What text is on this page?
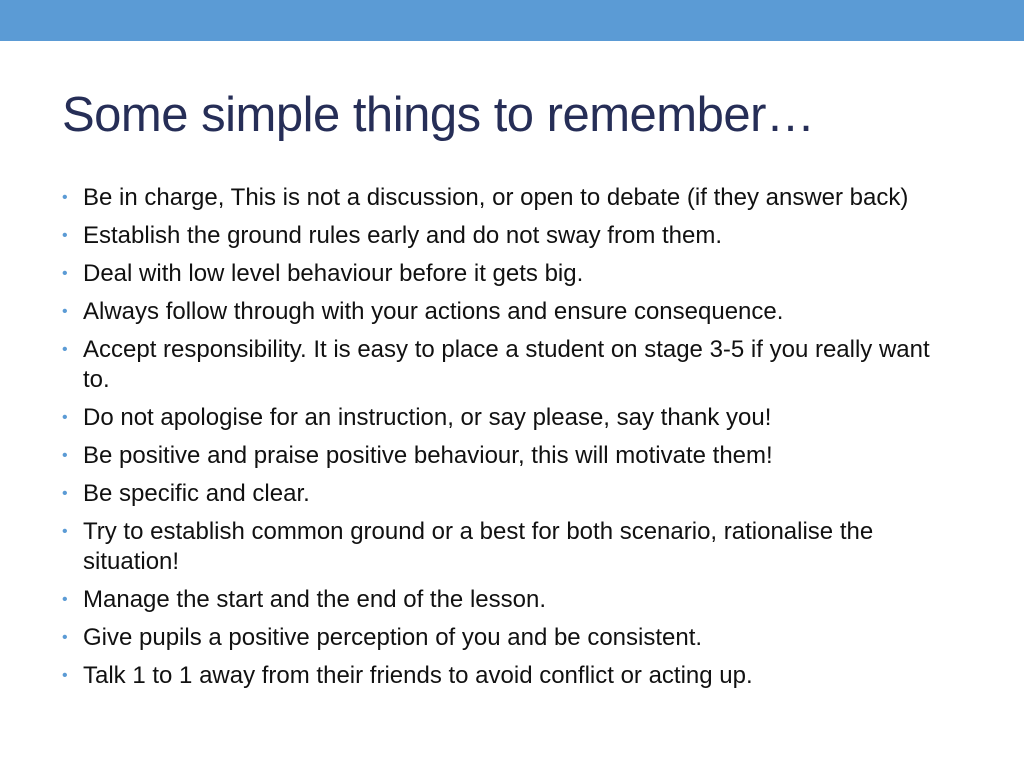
Some simple things to remember…
• Be in charge, This is not a discussion, or open to debate (if they answer back)
• Establish the ground rules early and do not sway from them.
• Deal with low level behaviour before it gets big.
• Always follow through with your actions and ensure consequence.
• Accept responsibility. It is easy to place a student on stage 3-5 if you really want to.
• Do not apologise for an instruction, or say please, say thank you!
• Be positive and praise positive behaviour, this will motivate them!
• Be specific and clear.
• Try to establish common ground or a best for both scenario, rationalise the situation!
• Manage the start and the end of the lesson.
• Give pupils a positive perception of you and be consistent.
• Talk 1 to 1 away from their friends to avoid conflict or acting up.
